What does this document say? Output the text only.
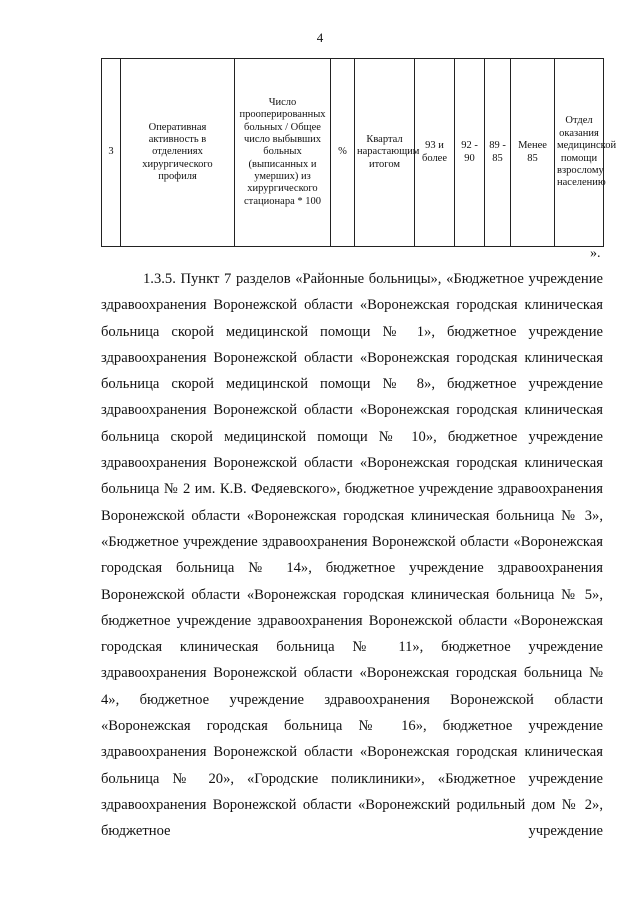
4
3	Оперативная активность в отделениях хирургического профиля	Число прооперированных больных / Общее число выбывших больных (выписанных и умерших) из хирургического стационара * 100	%	Квартал нарастающим итогом	93 и более	92 - 90	89 - 85	Менее 85	Отдел оказания медицинской помощи взрослому населению
».

1.3.5. Пункт 7 разделов «Районные больницы», «Бюджетное учреждение здравоохранения Воронежской области «Воронежская городская клиническая больница скорой медицинской помощи № 1», бюджетное учреждение здравоохранения Воронежской области «Воронежская городская клиническая больница скорой медицинской помощи № 8», бюджетное учреждение здравоохранения Воронежской области «Воронежская городская клиническая больница скорой медицинской помощи № 10», бюджетное учреждение здравоохранения Воронежской области «Воронежская городская клиническая больница № 2 им. К.В. Федяевского», бюджетное учреждение здравоохранения Воронежской области «Воронежская городская клиническая больница № 3», «Бюджетное учреждение здравоохранения Воронежской области «Воронежская городская больница № 14», бюджетное учреждение здравоохранения Воронежской области «Воронежская городская клиническая больница № 5», бюджетное учреждение здравоохранения Воронежской области «Воронежская городская клиническая больница № 11», бюджетное учреждение здравоохранения Воронежской области «Воронежская городская больница № 4», бюджетное учреждение здравоохранения Воронежской области «Воронежская городская больница № 16», бюджетное учреждение здравоохранения Воронежской области «Воронежская городская клиническая больница № 20», «Городские поликлиники», «Бюджетное учреждение здравоохранения Воронежской области «Воронежский родильный дом № 2», бюджетное учреждение
